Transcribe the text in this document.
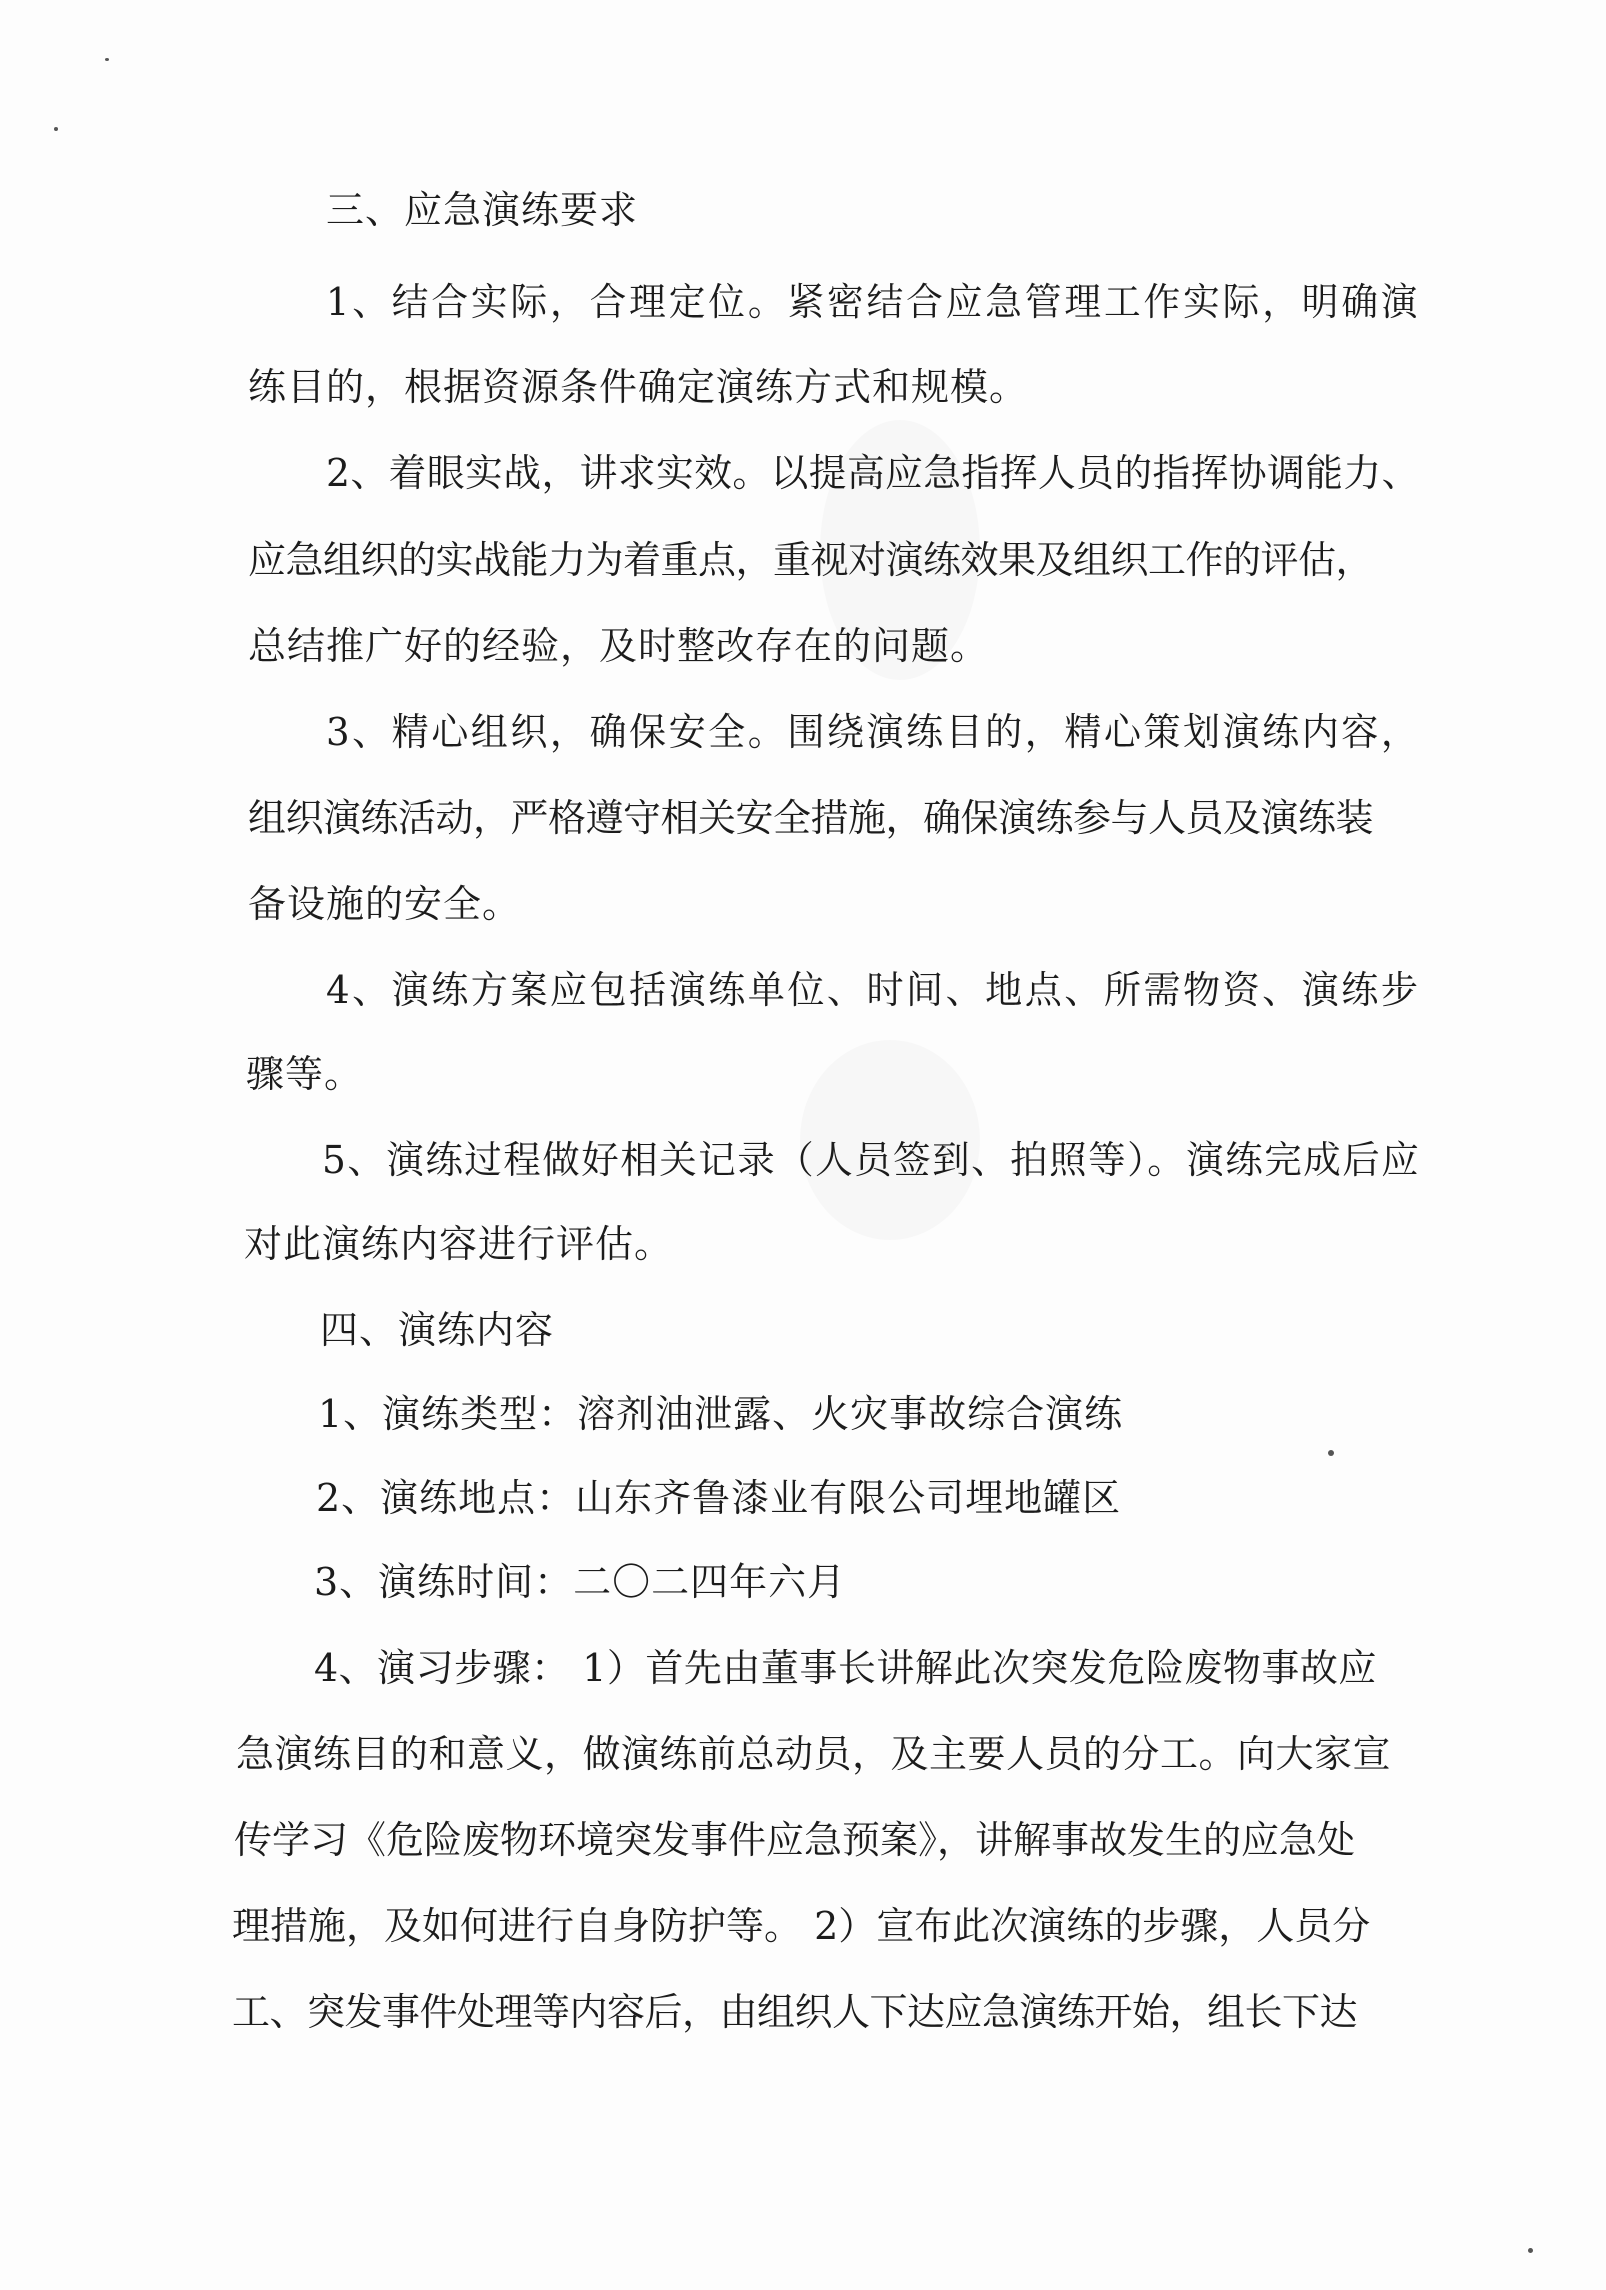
三、应急演练要求
1、结合实际，合理定位。紧密结合应急管理工作实际，明确演
练目的，根据资源条件确定演练方式和规模。
2、着眼实战，讲求实效。以提高应急指挥人员的指挥协调能力、
应急组织的实战能力为着重点，重视对演练效果及组织工作的评估，
总结推广好的经验，及时整改存在的问题。
3、精心组织，确保安全。围绕演练目的，精心策划演练内容，
组织演练活动，严格遵守相关安全措施，确保演练参与人员及演练装
备设施的安全。
4、演练方案应包括演练单位、时间、地点、所需物资、演练步
骤等。
5、演练过程做好相关记录（人员签到、拍照等）。演练完成后应
对此演练内容进行评估。
四、演练内容
1、演练类型：溶剂油泄露、火灾事故综合演练
2、演练地点：山东齐鲁漆业有限公司埋地罐区
3、演练时间：二〇二四年六月
4、演习步骤： 1）首先由董事长讲解此次突发危险废物事故应
急演练目的和意义，做演练前总动员，及主要人员的分工。向大家宣
传学习《危险废物环境突发事件应急预案》，讲解事故发生的应急处
理措施，及如何进行自身防护等。 2）宣布此次演练的步骤，人员分
工、突发事件处理等内容后，由组织人下达应急演练开始，组长下达
